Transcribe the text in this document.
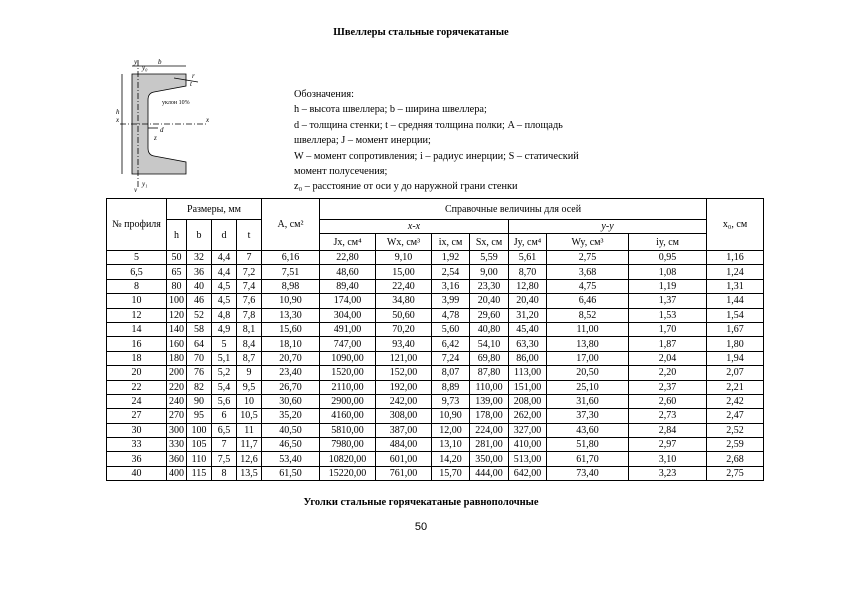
Швеллеры стальные горячекатаные
y
y
x	x
h
b
d
t
r
z
y₀
y₁
уклон 10%
Обозначения:
h – высота швеллера; b – ширина швеллера;
d – толщина стенки; t – средняя толщина полки; A – площадь
швеллера; J – момент инерции;
W – момент сопротивления; i – радиус инерции; S – статический
момент полусечения;
z₀ – расстояние от оси y до наружной грани стенки
№ профиля	Размеры, мм				A, см²	Справочные величины для осей							x₀, см
	h	b	d	t		x-x				y-y			
						Jx, см⁴	Wx, см³	ix, см	Sx, см	Jy, см⁴	Wy, см³	iy, см	
5	50	32	4,4	7	6,16	22,80	9,10	1,92	5,59	5,61	2,75	0,95	1,16
6,5	65	36	4,4	7,2	7,51	48,60	15,00	2,54	9,00	8,70	3,68	1,08	1,24
8	80	40	4,5	7,4	8,98	89,40	22,40	3,16	23,30	12,80	4,75	1,19	1,31
10	100	46	4,5	7,6	10,90	174,00	34,80	3,99	20,40	20,40	6,46	1,37	1,44
12	120	52	4,8	7,8	13,30	304,00	50,60	4,78	29,60	31,20	8,52	1,53	1,54
14	140	58	4,9	8,1	15,60	491,00	70,20	5,60	40,80	45,40	11,00	1,70	1,67
16	160	64	5	8,4	18,10	747,00	93,40	6,42	54,10	63,30	13,80	1,87	1,80
18	180	70	5,1	8,7	20,70	1090,00	121,00	7,24	69,80	86,00	17,00	2,04	1,94
20	200	76	5,2	9	23,40	1520,00	152,00	8,07	87,80	113,00	20,50	2,20	2,07
22	220	82	5,4	9,5	26,70	2110,00	192,00	8,89	110,00	151,00	25,10	2,37	2,21
24	240	90	5,6	10	30,60	2900,00	242,00	9,73	139,00	208,00	31,60	2,60	2,42
27	270	95	6	10,5	35,20	4160,00	308,00	10,90	178,00	262,00	37,30	2,73	2,47
30	300	100	6,5	11	40,50	5810,00	387,00	12,00	224,00	327,00	43,60	2,84	2,52
33	330	105	7	11,7	46,50	7980,00	484,00	13,10	281,00	410,00	51,80	2,97	2,59
36	360	110	7,5	12,6	53,40	10820,00	601,00	14,20	350,00	513,00	61,70	3,10	2,68
40	400	115	8	13,5	61,50	15220,00	761,00	15,70	444,00	642,00	73,40	3,23	2,75
Уголки стальные горячекатаные равнополочные
50
